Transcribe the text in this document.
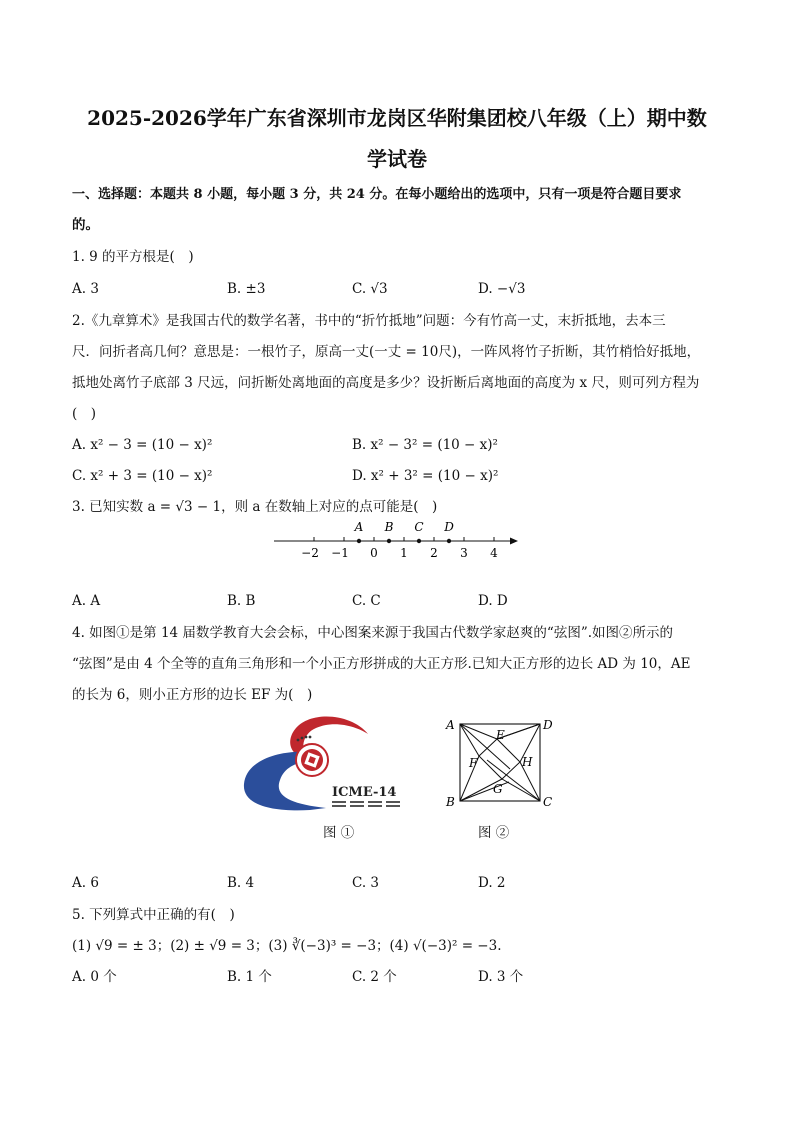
2025-2026学年广东省深圳市龙岗区华附集团校八年级（上）期中数
学试卷
一、选择题：本题共 8 小题，每小题 3 分，共 24 分。在每小题给出的选项中，只有一项是符合题目要求
的。
1. 9 的平方根是(　)
A. 3	B. ±3	C. √3	D. −√3
2.《九章算术》是我国古代的数学名著，书中的“折竹抵地”问题：今有竹高一丈，末折抵地，去本三
尺．问折者高几何？意思是：一根竹子，原高一丈(一丈 = 10尺)，一阵风将竹子折断，其竹梢恰好抵地，
抵地处离竹子底部 3 尺远，问折断处离地面的高度是多少？设折断后离地面的高度为 x 尺，则可列方程为
(　)
A. x² − 3 = (10 − x)²	B. x² − 3² = (10 − x)²
C. x² + 3 = (10 − x)²	D. x² + 3² = (10 − x)²
3. 已知实数 a = √3 − 1，则 a 在数轴上对应的点可能是(　)
−2 −1 0 1 2 3 4
A B C D
A. A	B. B	C. C	D. D
4. 如图①是第 14 届数学教育大会会标，中心图案来源于我国古代数学家赵爽的“弦图”.如图②所示的
“弦图”是由 4 个全等的直角三角形和一个小正方形拼成的大正方形.已知大正方形的边长 AD 为 10，AE
的长为 6，则小正方形的边长 EF 为(　)
ICME-14
图 ①
A	D
B	C
E
F
G
H
图 ②
A. 6	B. 4	C. 3	D. 2
5. 下列算式中正确的有(　)
(1) √9 = ± 3；(2) ± √9 = 3；(3) ∛(−3)³ = −3；(4) √(−3)² = −3.
A. 0 个	B. 1 个	C. 2 个	D. 3 个
